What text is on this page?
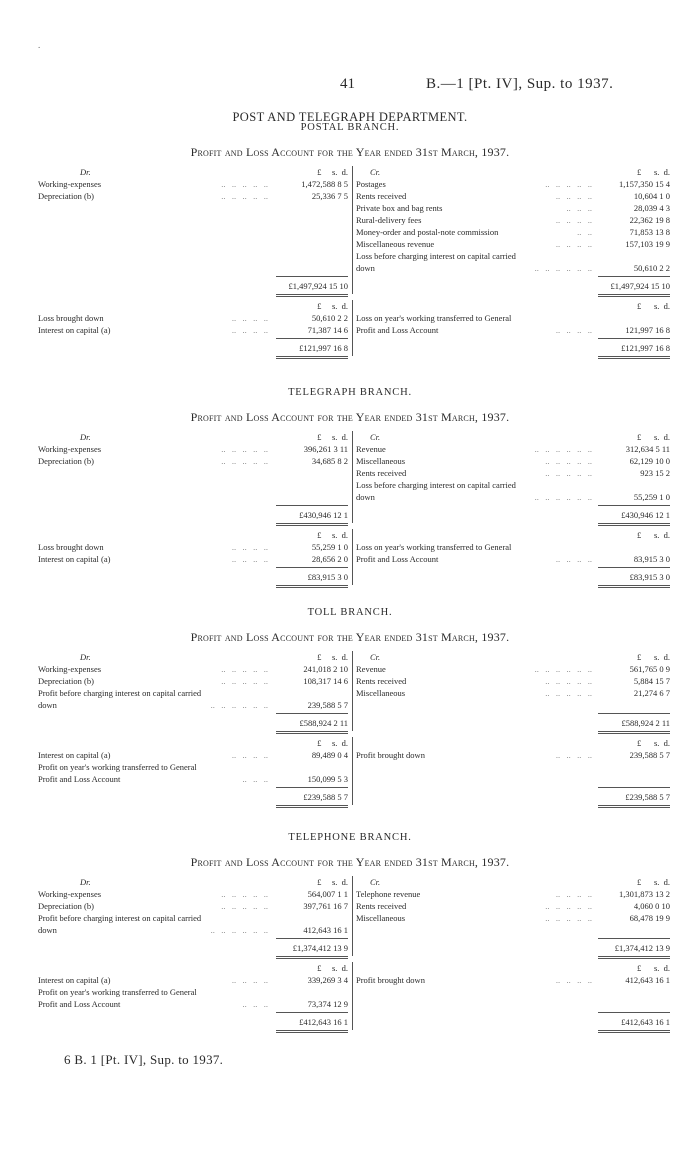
.
41	B.—1 [Pt. IV], Sup. to 1937.
POST AND TELEGRAPH DEPARTMENT.
POSTAL BRANCH.
Profit and Loss Account for the Year ended 31st March, 1937.
Dr.	Cr.
£     s.  d.	£      s.  d.
Working-expenses	..   ..   ..   ..   ..	1,472,588 8 5
Depreciation (b)	..   ..   ..   ..   ..	25,336 7 5
Postages	..   ..   ..   ..   ..	1,157,350 15 4
Rents received	..   ..   ..   ..	10,604 1 0
Private box and bag rents	..   ..   ..	28,039 4 3
Rural-delivery fees	..   ..   ..   ..	22,362 19 8
Money-order and postal-note commission	..   ..	71,853 13 8
Miscellaneous revenue	..   ..   ..   ..	157,103 19 9
Loss before charging interest on capital carried
down	..   ..   ..   ..   ..   ..	50,610 2 2
£1,497,924 15 10	£1,497,924 15 10
£     s.  d.	£      s.  d.
Loss brought down	..   ..   ..   ..	50,610 2 2
Interest on capital (a)	..   ..   ..   ..	71,387 14 6
Loss on year's working transferred to General
Profit and Loss Account	..   ..   ..   ..	121,997 16 8
£121,997 16 8	£121,997 16 8
TELEGRAPH BRANCH.
Profit and Loss Account for the Year ended 31st March, 1937.
Dr.	Cr.
£     s.  d.	£      s.  d.
Working-expenses	..   ..   ..   ..   ..	396,261 3 11
Depreciation (b)	..   ..   ..   ..   ..	34,685 8 2
Revenue	..   ..   ..   ..   ..   ..	312,634 5 11
Miscellaneous	..   ..   ..   ..   ..	62,129 10 0
Rents received	..   ..   ..   ..   ..	923 15 2
Loss before charging interest on capital carried
down	..   ..   ..   ..   ..   ..	55,259 1 0
£430,946 12 1	£430,946 12 1
£     s.  d.	£      s.  d.
Loss brought down	..   ..   ..   ..	55,259 1 0
Interest on capital (a)	..   ..   ..   ..	28,656 2 0
Loss on year's working transferred to General
Profit and Loss Account	..   ..   ..   ..	83,915 3 0
£83,915 3 0	£83,915 3 0
TOLL BRANCH.
Profit and Loss Account for the Year ended 31st March, 1937.
Dr.	Cr.
£     s.  d.	£      s.  d.
Working-expenses	..   ..   ..   ..   ..	241,018 2 10
Depreciation (b)	..   ..   ..   ..   ..	108,317 14 6
Profit before charging interest on capital carried
down	..   ..   ..   ..   ..   ..	239,588 5 7
Revenue	..   ..   ..   ..   ..   ..	561,765 0 9
Rents received	..   ..   ..   ..   ..	5,884 15 7
Miscellaneous	..   ..   ..   ..   ..	21,274 6 7
£588,924 2 11	£588,924 2 11
£     s.  d.	£      s.  d.
Interest on capital (a)	..   ..   ..   ..	89,489 0 4
Profit on year's working transferred to General
Profit and Loss Account	..   ..   ..	150,099 5 3
Profit brought down	..   ..   ..   ..	239,588 5 7
£239,588 5 7	£239,588 5 7
TELEPHONE BRANCH.
Profit and Loss Account for the Year ended 31st March, 1937.
Dr.	Cr.
£     s.  d.	£      s.  d.
Working-expenses	..   ..   ..   ..   ..	564,007 1 1
Depreciation (b)	..   ..   ..   ..   ..	397,761 16 7
Profit before charging interest on capital carried
down	..   ..   ..   ..   ..   ..	412,643 16 1
Telephone revenue	..   ..   ..   ..	1,301,873 13 2
Rents received	..   ..   ..   ..   ..	4,060 0 10
Miscellaneous	..   ..   ..   ..   ..	68,478 19 9
£1,374,412 13 9	£1,374,412 13 9
£     s.  d.	£      s.  d.
Interest on capital (a)	..   ..   ..   ..	339,269 3 4
Profit on year's working transferred to General
Profit and Loss Account	..   ..   ..	73,374 12 9
Profit brought down	..   ..   ..   ..	412,643 16 1
£412,643 16 1	£412,643 16 1
6 B. 1 [Pt. IV], Sup. to 1937.
